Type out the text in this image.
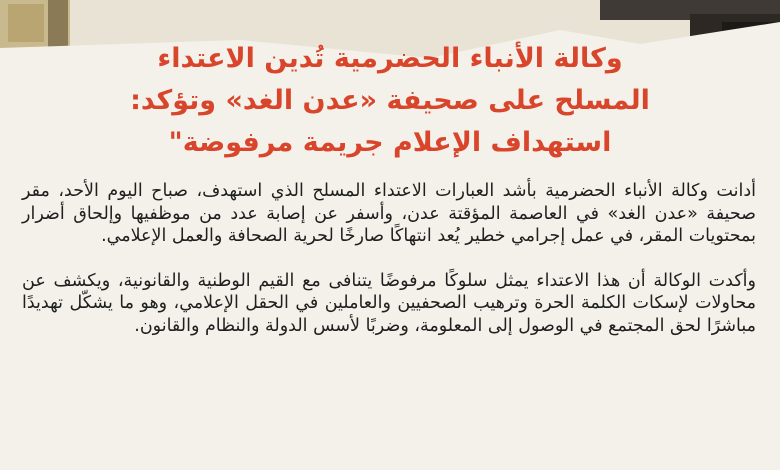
وكالة الأنباء الحضرمية تُدين الاعتداء
المسلح على صحيفة «عدن الغد» وتؤكد:
استهداف الإعلام جريمة مرفوضة"

أدانت وكالة الأنباء الحضرمية بأشد العبارات الاعتداء المسلح الذي استهدف، صباح اليوم الأحد، مقر صحيفة «عدن الغد» في العاصمة المؤقتة عدن، وأسفر عن إصابة عدد من موظفيها وإلحاق أضرار بمحتويات المقر، في عمل إجرامي خطير يُعد انتهاكًا صارخًا لحرية الصحافة والعمل الإعلامي.

وأكدت الوكالة أن هذا الاعتداء يمثل سلوكًا مرفوضًا يتنافى مع القيم الوطنية والقانونية، ويكشف عن محاولات لإسكات الكلمة الحرة وترهيب الصحفيين والعاملين في الحقل الإعلامي، وهو ما يشكّل تهديدًا مباشرًا لحق المجتمع في الوصول إلى المعلومة، وضربًا لأسس الدولة والنظام والقانون.
